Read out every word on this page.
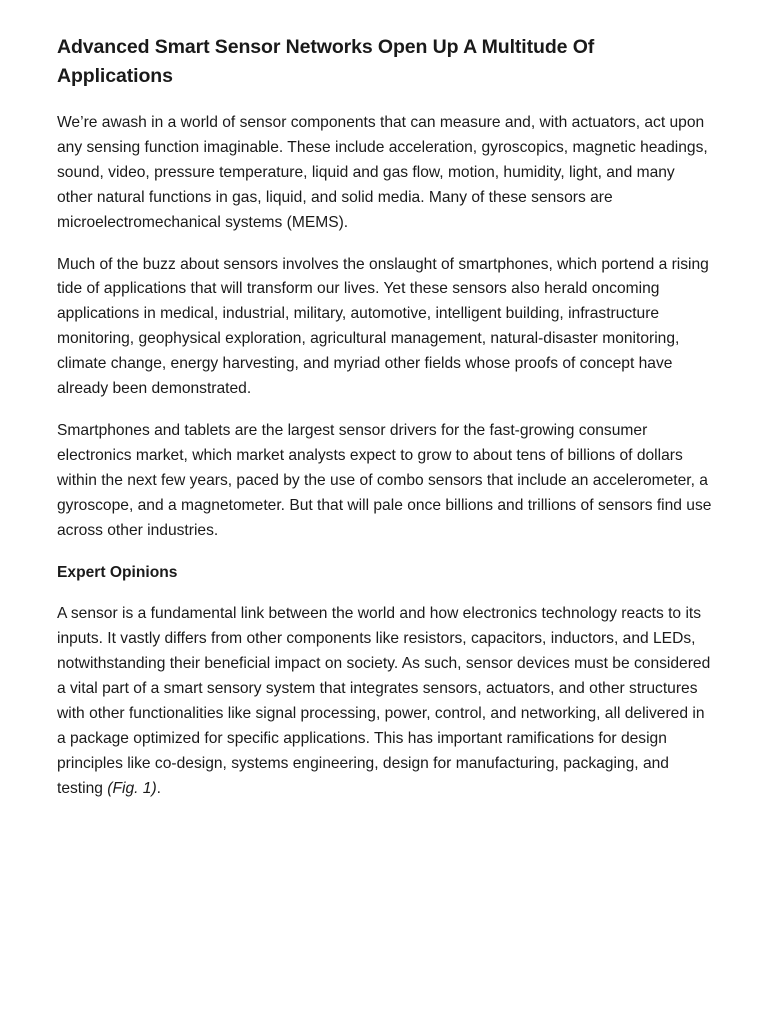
Advanced Smart Sensor Networks Open Up A Multitude Of Applications

We’re awash in a world of sensor components that can measure and, with actuators, act upon any sensing function imaginable. These include acceleration, gyroscopics, magnetic headings, sound, video, pressure temperature, liquid and gas flow, motion, humidity, light, and many other natural functions in gas, liquid, and solid media. Many of these sensors are microelectromechanical systems (MEMS).

Much of the buzz about sensors involves the onslaught of smartphones, which portend a rising tide of applications that will transform our lives. Yet these sensors also herald oncoming applications in medical, industrial, military, automotive, intelligent building, infrastructure monitoring, geophysical exploration, agricultural management, natural-disaster monitoring, climate change, energy harvesting, and myriad other fields whose proofs of concept have already been demonstrated.

Smartphones and tablets are the largest sensor drivers for the fast-growing consumer electronics market, which market analysts expect to grow to about tens of billions of dollars within the next few years, paced by the use of combo sensors that include an accelerometer, a gyroscope, and a magnetometer. But that will pale once billions and trillions of sensors find use across other industries.

Expert Opinions

A sensor is a fundamental link between the world and how electronics technology reacts to its inputs. It vastly differs from other components like resistors, capacitors, inductors, and LEDs, notwithstanding their beneficial impact on society. As such, sensor devices must be considered a vital part of a smart sensory system that integrates sensors, actuators, and other structures with other functionalities like signal processing, power, control, and networking, all delivered in a package optimized for specific applications. This has important ramifications for design principles like co-design, systems engineering, design for manufacturing, packaging, and testing (Fig. 1).
